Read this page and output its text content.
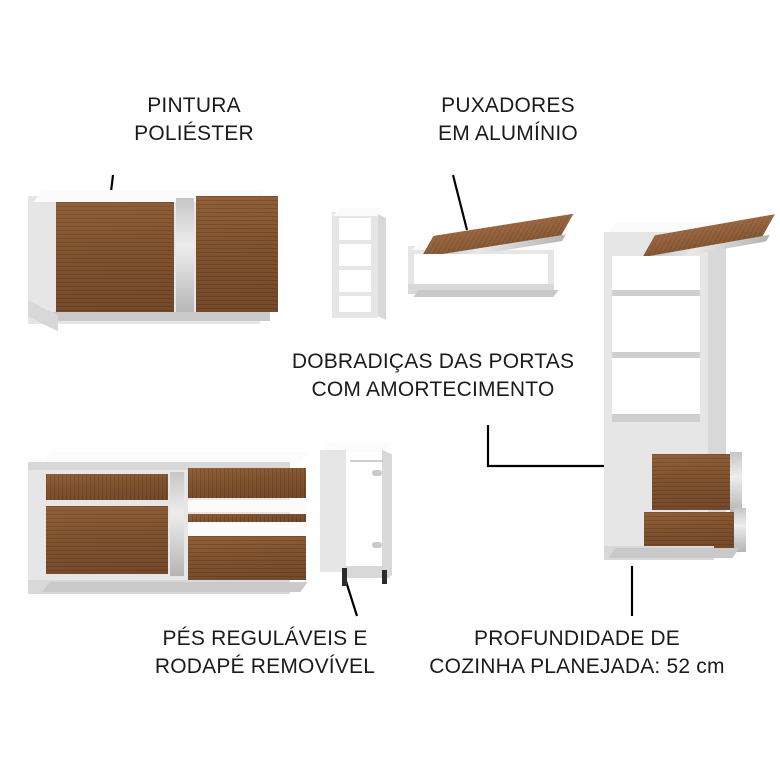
PINTURA
POLIÉSTER
PUXADORES
EM ALUMÍNIO
DOBRADIÇAS DAS PORTAS
COM AMORTECIMENTO
PÉS REGULÁVEIS E
RODAPÉ REMOVÍVEL
PROFUNDIDADE DE
COZINHA PLANEJADA: 52 cm
